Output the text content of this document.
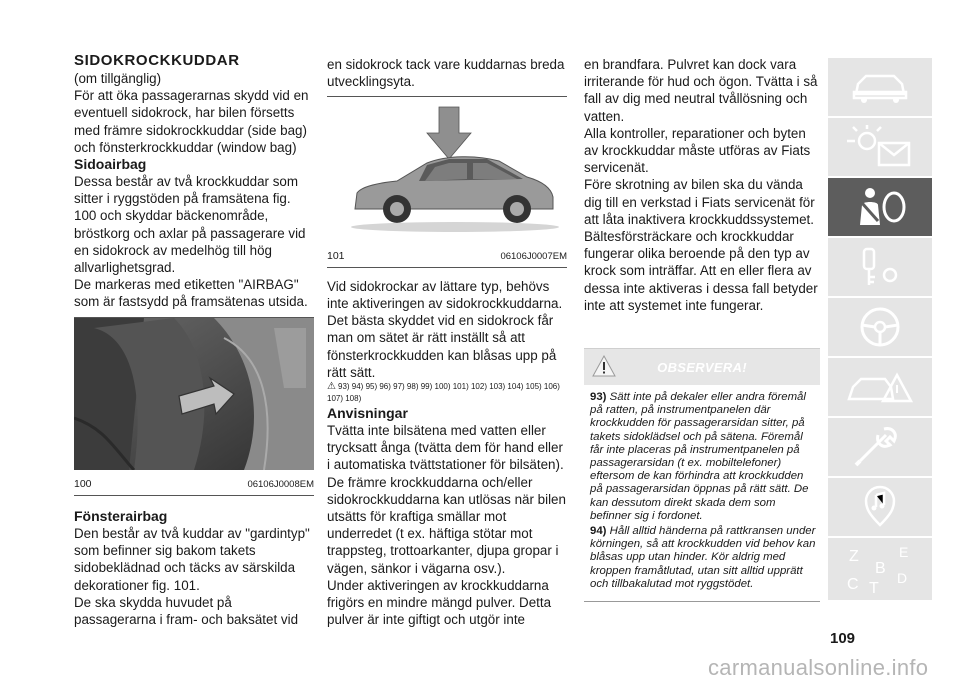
SIDOKROCKKUDDAR

(om tillgänglig)

För att öka passagerarnas skydd vid en eventuell sidokrock, har bilen försetts med främre sidokrockkuddar (side bag) och fönsterkrockkuddar (window bag)

Sidoairbag

Dessa består av två krockkuddar som sitter i ryggstöden på framsätena fig. 100 och skyddar bäckenområde, bröstkorg och axlar på passagerare vid en sidokrock av medelhög till hög allvarlighetsgrad.

De markeras med etiketten "AIRBAG" som är fastsydd på framsätenas utsida.

100	06106J0008EM

Fönsterairbag

Den består av två kuddar av "gardintyp" som befinner sig bakom takets sidobeklädnad och täcks av särskilda dekorationer fig. 101.

De ska skydda huvudet på passagerarna i fram- och baksätet vid

en sidokrock tack vare kuddarnas breda utvecklingsyta.

101	06106J0007EM

Vid sidokrockar av lättare typ, behövs inte aktiveringen av sidokrockkuddarna.

Det bästa skyddet vid en sidokrock får man om sätet är rätt inställt så att fönsterkrockkudden kan blåsas upp på rätt sätt.

⚠ 93) 94) 95) 96) 97) 98) 99) 100) 101) 102) 103) 104) 105) 106) 107) 108)

Anvisningar

Tvätta inte bilsätena med vatten eller trycksatt ånga (tvätta dem för hand eller i automatiska tvättstationer för bilsäten).

De främre krockkuddarna och/eller sidokrockkuddarna kan utlösas när bilen utsätts för kraftiga smällar mot underredet (t ex. häftiga stötar mot trappsteg, trottoarkanter, djupa gropar i vägen, sänkor i vägarna osv.).

Under aktiveringen av krockkuddarna frigörs en mindre mängd pulver. Detta pulver är inte giftigt och utgör inte

en brandfara. Pulvret kan dock vara irriterande för hud och ögon. Tvätta i så fall av dig med neutral tvållösning och vatten.

Alla kontroller, reparationer och byten av krockkuddar måste utföras av Fiats servicenät.

Före skrotning av bilen ska du vända dig till en verkstad i Fiats servicenät för att låta inaktivera krockkuddssystemet.

Bältesförsträckare och krockkuddar fungerar olika beroende på den typ av krock som inträffar. Att en eller flera av dessa inte aktiveras i dessa fall betyder inte att systemet inte fungerar.

OBSERVERA!

93) Sätt inte på dekaler eller andra föremål på ratten, på instrumentpanelen där krockkudden för passagerarsidan sitter, på takets sidoklädsel och på sätena. Föremål får inte placeras på instrumentpanelen på passagerarsidan (t ex. mobiltelefoner) eftersom de kan förhindra att krockkudden på passagerarsidan öppnas på rätt sätt. De kan dessutom direkt skada dem som befinner sig i fordonet.

94) Håll alltid händerna på rattkransen under körningen, så att krockkudden vid behov kan blåsas upp utan hinder. Kör aldrig med kroppen framåtlutad, utan sitt alltid upprätt och tillbakalutad mot ryggstödet.

Z	E
B
C T
D
109
carmanualsonline.info
